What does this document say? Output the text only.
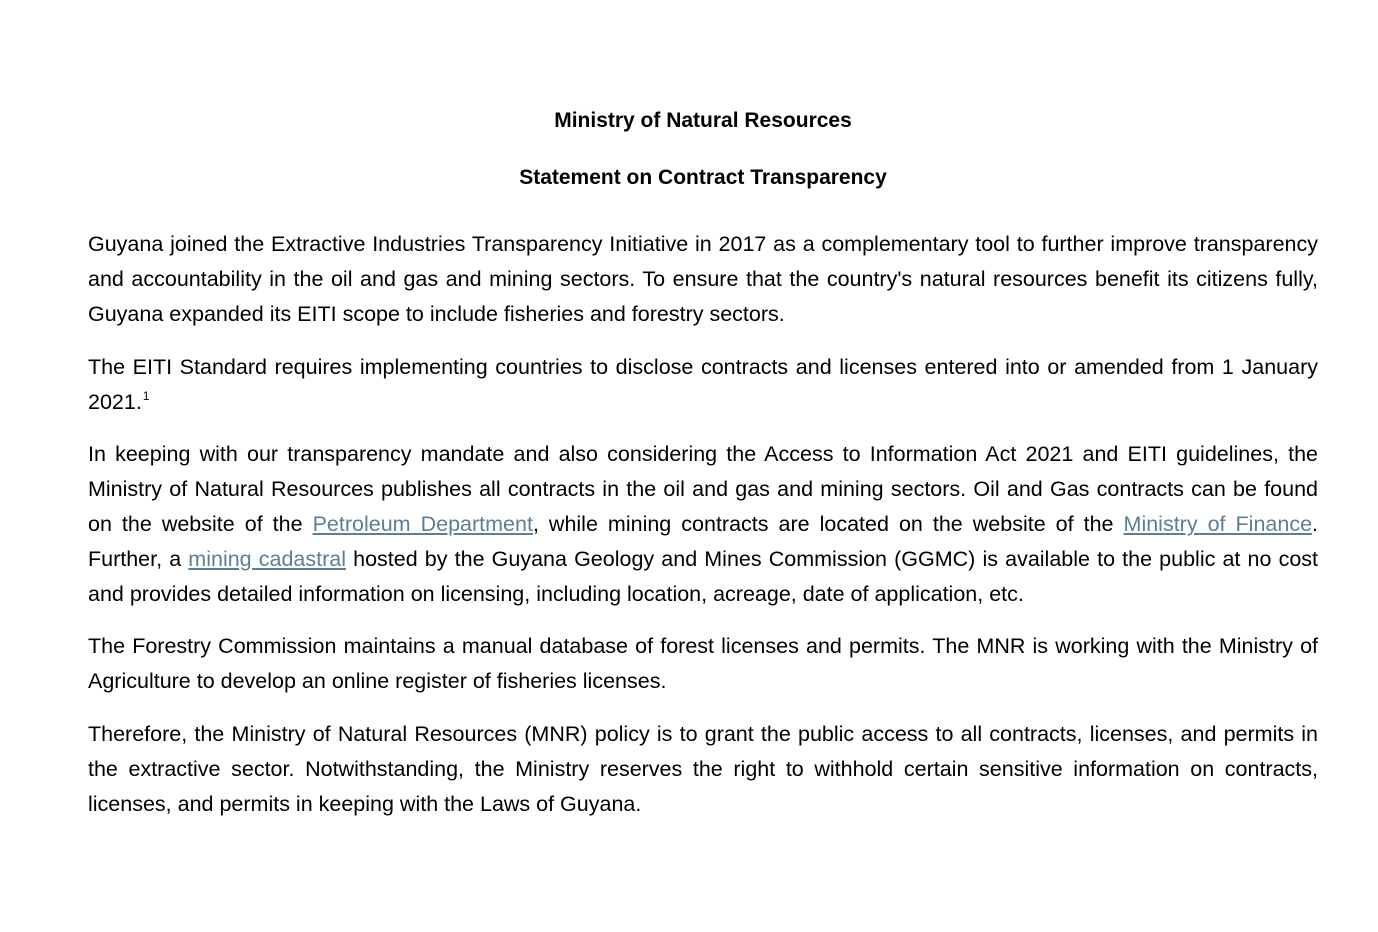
Ministry of Natural Resources
Statement on Contract Transparency

Guyana joined the Extractive Industries Transparency Initiative in 2017 as a complementary tool to further improve transparency and accountability in the oil and gas and mining sectors. To ensure that the country's natural resources benefit its citizens fully, Guyana expanded its EITI scope to include fisheries and forestry sectors.

The EITI Standard requires implementing countries to disclose contracts and licenses entered into or amended from 1 January 2021.$^1$

In keeping with our transparency mandate and also considering the Access to Information Act 2021 and EITI guidelines, the Ministry of Natural Resources publishes all contracts in the oil and gas and mining sectors. Oil and Gas contracts can be found on the website of the Petroleum Department, while mining contracts are located on the website of the Ministry of Finance. Further, a mining cadastral hosted by the Guyana Geology and Mines Commission (GGMC) is available to the public at no cost and provides detailed information on licensing, including location, acreage, date of application, etc.

The Forestry Commission maintains a manual database of forest licenses and permits. The MNR is working with the Ministry of Agriculture to develop an online register of fisheries licenses.

Therefore, the Ministry of Natural Resources (MNR) policy is to grant the public access to all contracts, licenses, and permits in the extractive sector. Notwithstanding, the Ministry reserves the right to withhold certain sensitive information on contracts, licenses, and permits in keeping with the Laws of Guyana.
